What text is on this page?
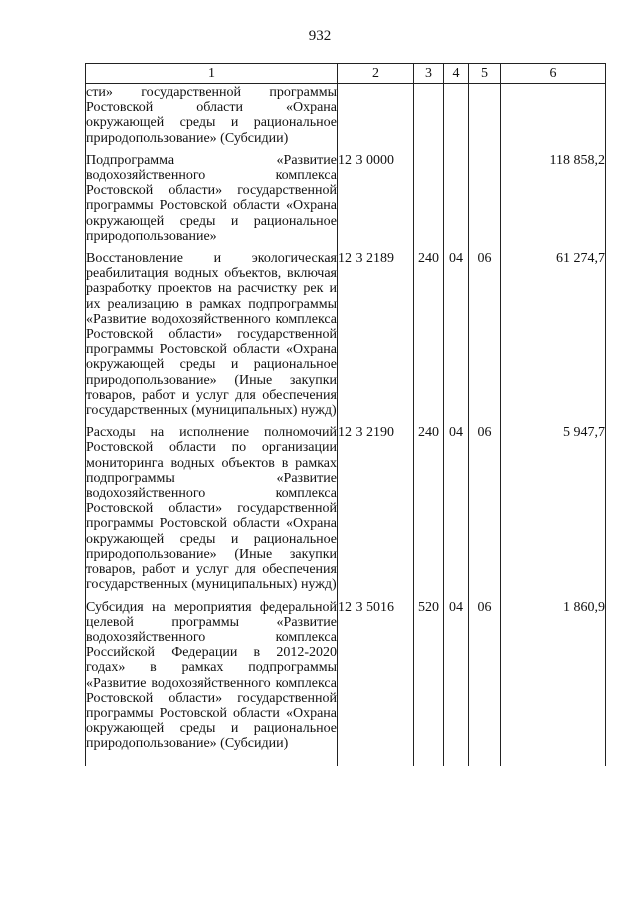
932
1	2	3	4	5	6
сти» государственной программы Ростовской области «Охрана окружающей среды и рациональное природопользование» (Субсидии)					
Подпрограмма «Развитие водохозяйственного комплекса Ростовской области» государственной программы Ростовской области «Охрана окружающей среды и рациональное природопользование»	12 3 0000				118 858,2
Восстановление и экологическая реабилитация водных объектов, включая разработку проектов на расчистку рек и их реализацию в рамках подпрограммы «Развитие водохозяйственного комплекса Ростовской области» государственной программы Ростовской области «Охрана окружающей среды и рациональное природопользование» (Иные закупки товаров, работ и услуг для обеспечения государственных (муниципальных) нужд)	12 3 2189	240	04	06	61 274,7
Расходы на исполнение полномочий Ростовской области по организации мониторинга водных объектов в рамках подпрограммы «Развитие водохозяйственного комплекса Ростовской области» государственной программы Ростовской области «Охрана окружающей среды и рациональное природопользование» (Иные закупки товаров, работ и услуг для обеспечения государственных (муниципальных) нужд)	12 3 2190	240	04	06	5 947,7
Субсидия на мероприятия федеральной целевой программы «Развитие водохозяйственного комплекса Российской Федерации в 2012-2020 годах» в рамках подпрограммы «Развитие водохозяйственного комплекса Ростовской области» государственной программы Ростовской области «Охрана окружающей среды и рациональное природопользование» (Субсидии)	12 3 5016	520	04	06	1 860,9
